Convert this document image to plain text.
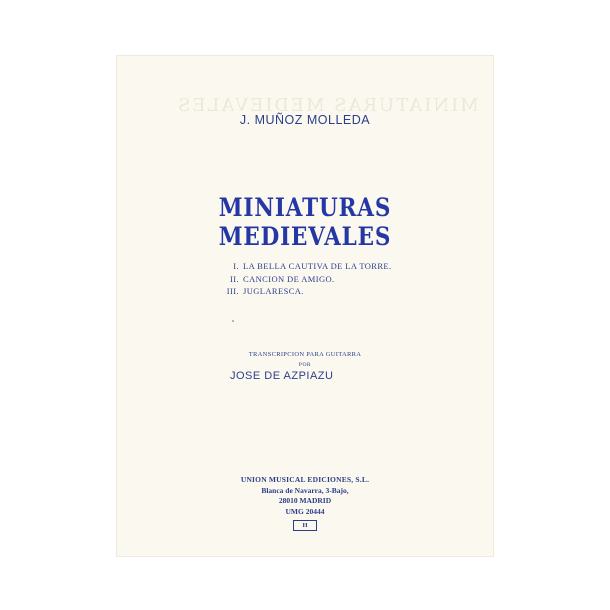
MINIATURAS MEDIEVALES
J. MUÑOZ MOLLEDA
MINIATURAS MEDIEVALES
I. LA BELLA CAUTIVA DE LA TORRE.
II. CANCION DE AMIGO.
III. JUGLARESCA.
TRANSCRIPCION PARA GUITARRA
POR
JOSE DE AZPIAZU
UNION MUSICAL EDICIONES, S.L.
Blanca de Navarra, 3-Bajo,
28010 MADRID
UMG 20444
H
